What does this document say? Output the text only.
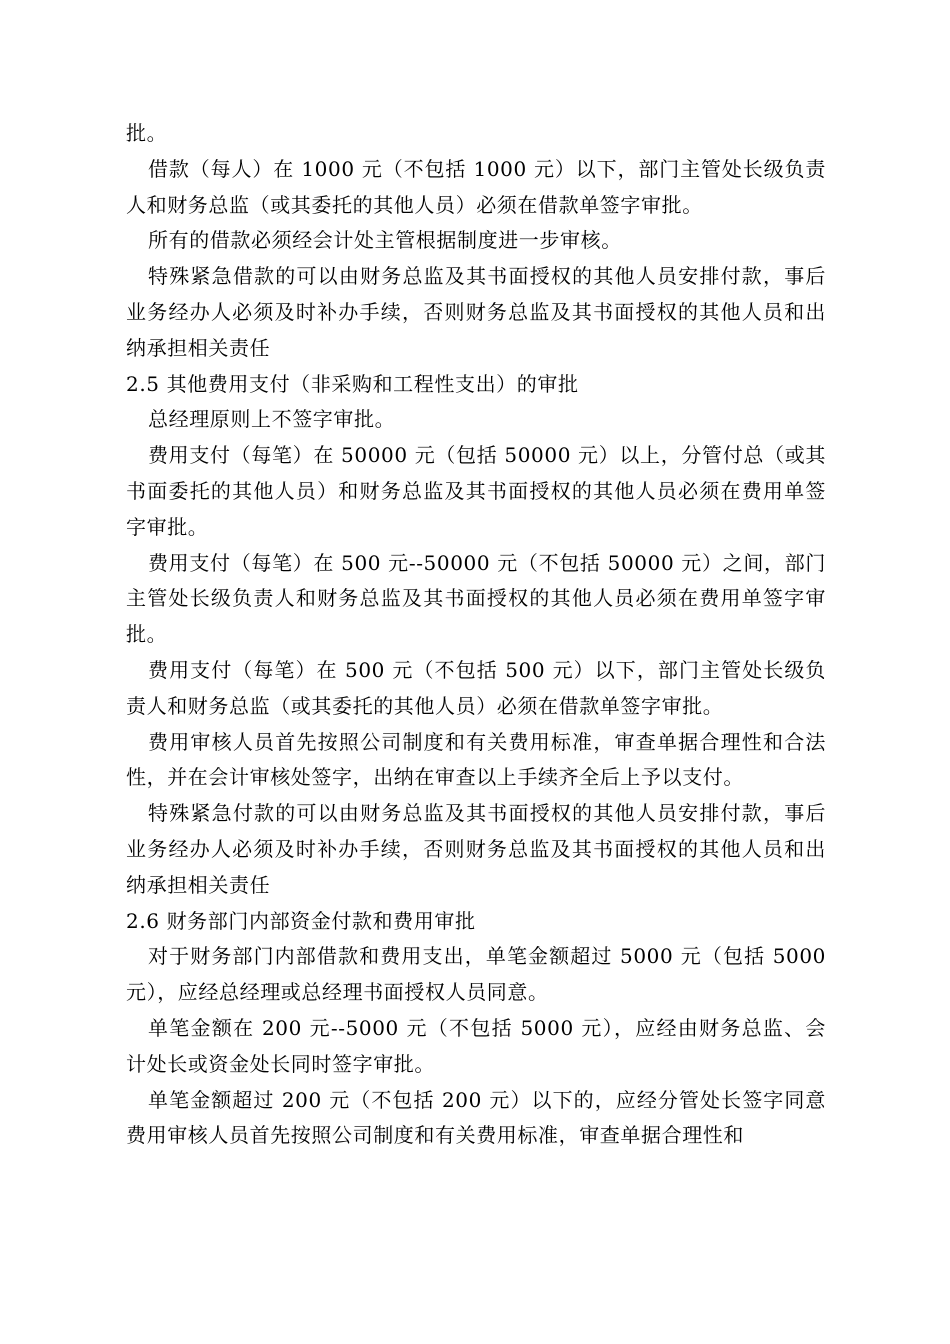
批。

借款（每人）在 1000 元（不包括 1000 元）以下，部门主管处长级负责人和财务总监（或其委托的其他人员）必须在借款单签字审批。

所有的借款必须经会计处主管根据制度进一步审核。

特殊紧急借款的可以由财务总监及其书面授权的其他人员安排付款，事后业务经办人必须及时补办手续，否则财务总监及其书面授权的其他人员和出纳承担相关责任

2.5 其他费用支付（非采购和工程性支出）的审批

总经理原则上不签字审批。

费用支付（每笔）在 50000 元（包括 50000 元）以上，分管付总（或其书面委托的其他人员）和财务总监及其书面授权的其他人员必须在费用单签字审批。

费用支付（每笔）在 500 元--50000 元（不包括 50000 元）之间，部门主管处长级负责人和财务总监及其书面授权的其他人员必须在费用单签字审批。

费用支付（每笔）在 500 元（不包括 500 元）以下，部门主管处长级负责人和财务总监（或其委托的其他人员）必须在借款单签字审批。

费用审核人员首先按照公司制度和有关费用标准，审查单据合理性和合法性，并在会计审核处签字，出纳在审查以上手续齐全后上予以支付。

特殊紧急付款的可以由财务总监及其书面授权的其他人员安排付款，事后业务经办人必须及时补办手续，否则财务总监及其书面授权的其他人员和出纳承担相关责任

2.6 财务部门内部资金付款和费用审批

对于财务部门内部借款和费用支出，单笔金额超过 5000 元（包括 5000 元），应经总经理或总经理书面授权人员同意。

单笔金额在 200 元--5000 元（不包括 5000 元），应经由财务总监、会计处长或资金处长同时签字审批。

单笔金额超过 200 元（不包括 200 元）以下的，应经分管处长签字同意费用审核人员首先按照公司制度和有关费用标准，审查单据合理性和
